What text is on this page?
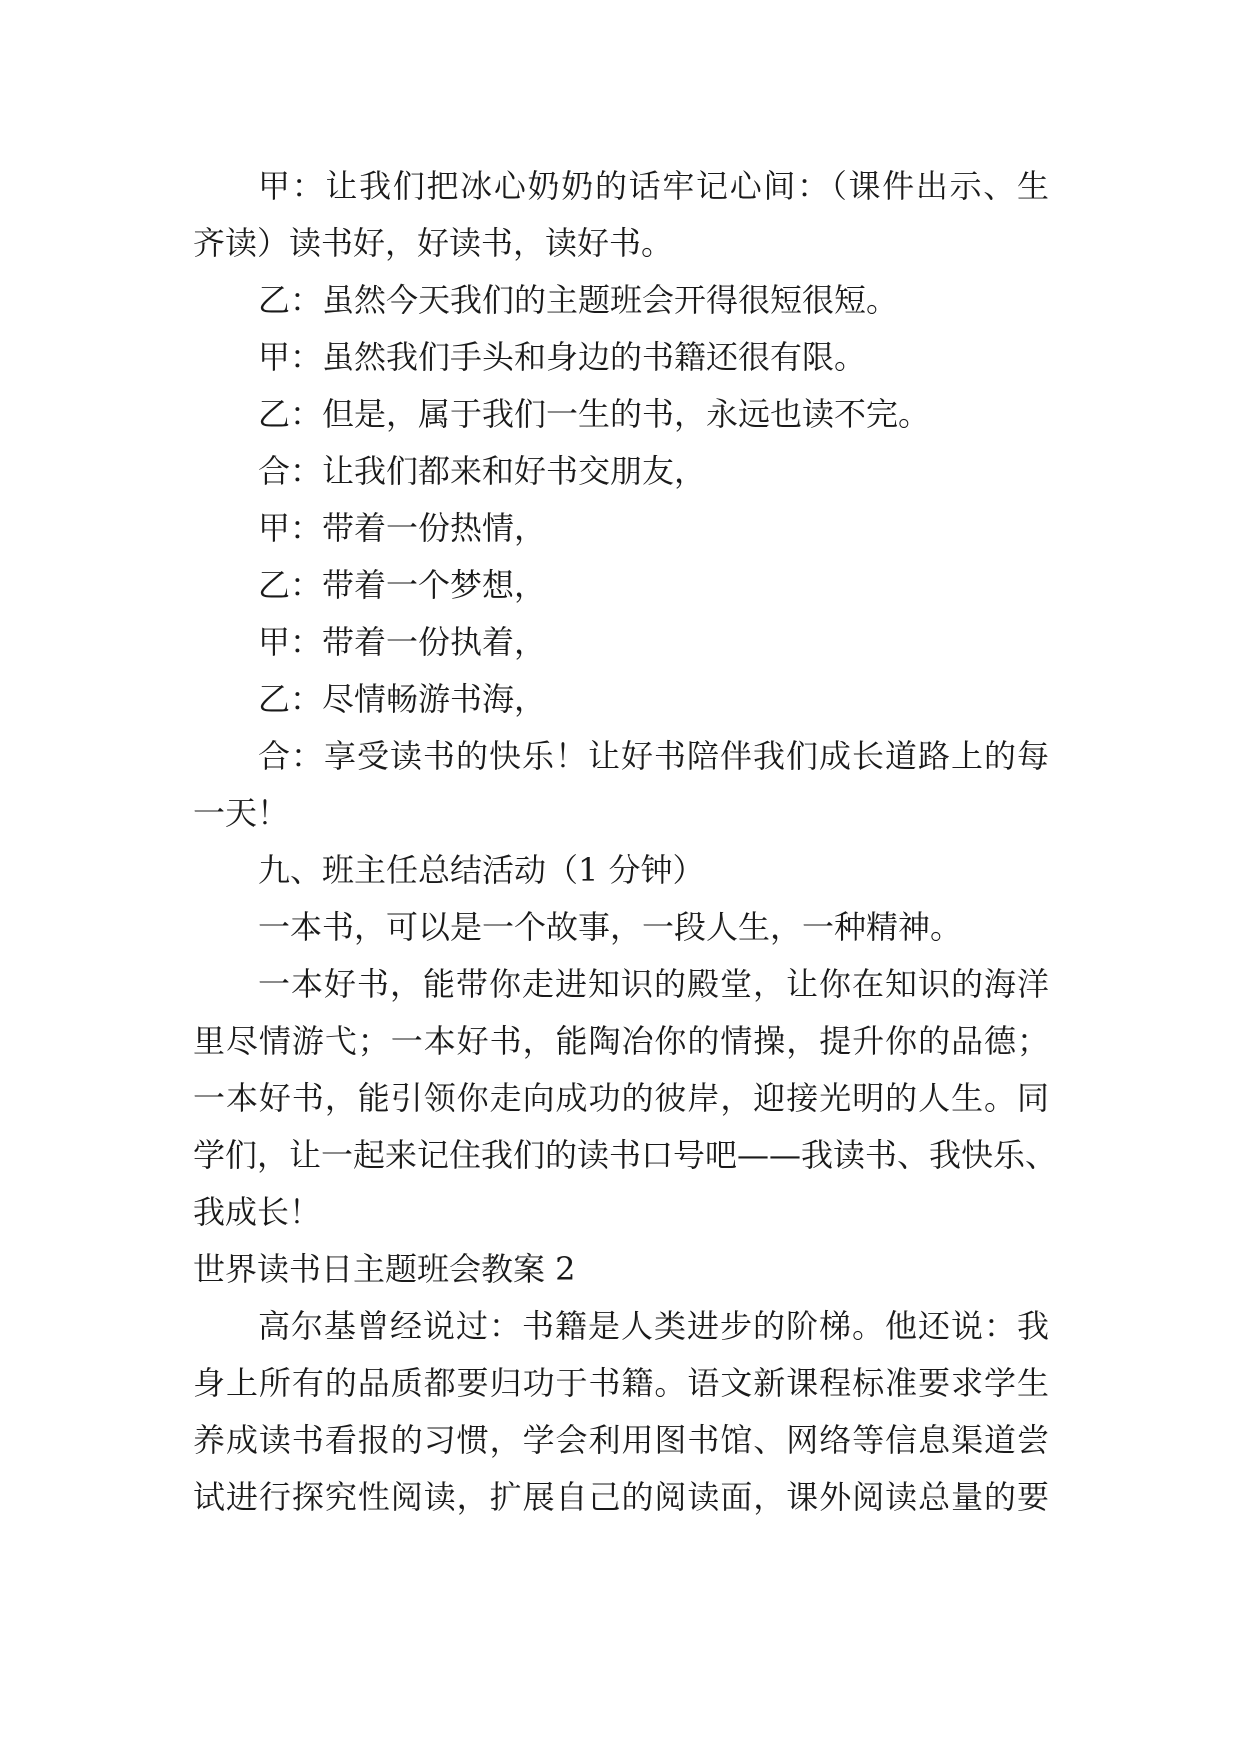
甲：让我们把冰心奶奶的话牢记心间：（课件出示、生
齐读）读书好，好读书，读好书。
乙：虽然今天我们的主题班会开得很短很短。
甲：虽然我们手头和身边的书籍还很有限。
乙：但是，属于我们一生的书，永远也读不完。
合：让我们都来和好书交朋友，
甲：带着一份热情，
乙：带着一个梦想，
甲：带着一份执着，
乙：尽情畅游书海，
合：享受读书的快乐！让好书陪伴我们成长道路上的每
一天！
九、班主任总结活动（1 分钟）
一本书，可以是一个故事，一段人生，一种精神。
一本好书，能带你走进知识的殿堂，让你在知识的海洋
里尽情游弋；一本好书，能陶冶你的情操，提升你的品德；
一本好书，能引领你走向成功的彼岸，迎接光明的人生。同
学们，让一起来记住我们的读书口号吧——我读书、我快乐、
我成长！
世界读书日主题班会教案 2
高尔基曾经说过：书籍是人类进步的阶梯。他还说：我
身上所有的品质都要归功于书籍。语文新课程标准要求学生
养成读书看报的习惯，学会利用图书馆、网络等信息渠道尝
试进行探究性阅读，扩展自己的阅读面，课外阅读总量的要
